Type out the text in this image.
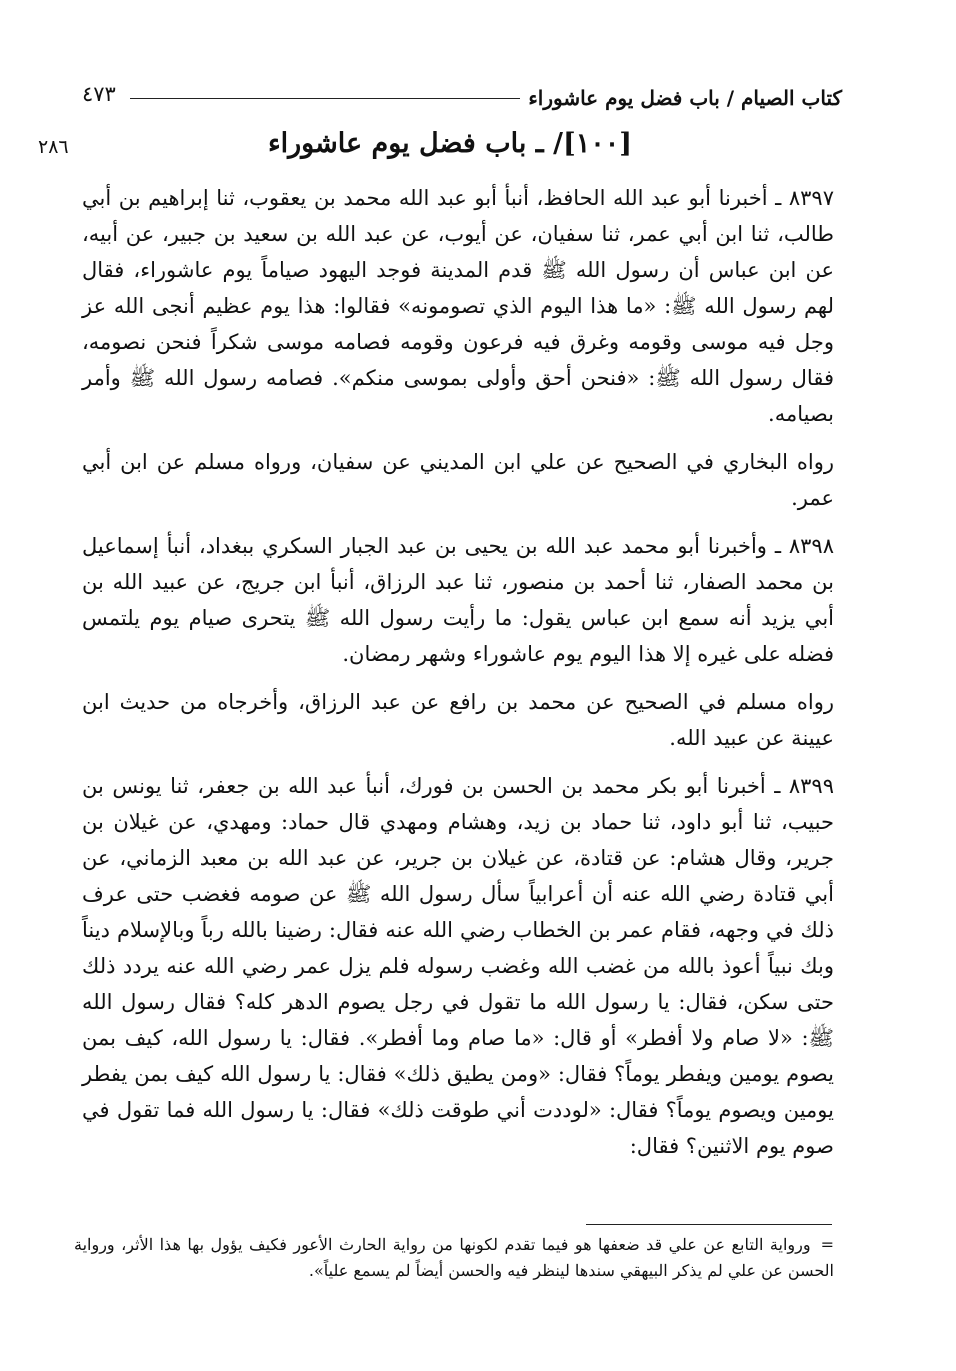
كتاب الصيام / باب فضل يوم عاشوراء
٤٧٣
٢٨٦	[١٠٠]/ ـ باب فضل يوم عاشوراء

٨٣٩٧ ـ أخبرنا أبو عبد الله الحافظ، أنبأ أبو عبد الله محمد بن يعقوب، ثنا إبراهيم بن أبي طالب، ثنا ابن أبي عمر، ثنا سفيان، عن أيوب، عن عبد الله بن سعيد بن جبير، عن أبيه، عن ابن عباس أن رسول الله ﷺ قدم المدينة فوجد اليهود صياماً يوم عاشوراء، فقال لهم رسول الله ﷺ: «ما هذا اليوم الذي تصومونه» فقالوا: هذا يوم عظيم أنجى الله عز وجل فيه موسى وقومه وغرق فيه فرعون وقومه فصامه موسى شكراً فنحن نصومه، فقال رسول الله ﷺ: «فنحن أحق وأولى بموسى منكم». فصامه رسول الله ﷺ وأمر بصيامه.

رواه البخاري في الصحيح عن علي ابن المديني عن سفيان، ورواه مسلم عن ابن أبي عمر.

٨٣٩٨ ـ وأخبرنا أبو محمد عبد الله بن يحيى بن عبد الجبار السكري ببغداد، أنبأ إسماعيل بن محمد الصفار، ثنا أحمد بن منصور، ثنا عبد الرزاق، أنبأ ابن جريج، عن عبيد الله بن أبي يزيد أنه سمع ابن عباس يقول: ما رأيت رسول الله ﷺ يتحرى صيام يوم يلتمس فضله على غيره إلا هذا اليوم يوم عاشوراء وشهر رمضان.

رواه مسلم في الصحيح عن محمد بن رافع عن عبد الرزاق، وأخرجاه من حديث ابن عيينة عن عبيد الله.

٨٣٩٩ ـ أخبرنا أبو بكر محمد بن الحسن بن فورك، أنبأ عبد الله بن جعفر، ثنا يونس بن حبيب، ثنا أبو داود، ثنا حماد بن زيد، وهشام ومهدي قال حماد: ومهدي، عن غيلان بن جرير، وقال هشام: عن قتادة، عن غيلان بن جرير، عن عبد الله بن معبد الزماني، عن أبي قتادة رضي الله عنه أن أعرابياً سأل رسول الله ﷺ عن صومه فغضب حتى عرف ذلك في وجهه، فقام عمر بن الخطاب رضي الله عنه فقال: رضينا بالله رباً وبالإسلام ديناً وبك نبياً أعوذ بالله من غضب الله وغضب رسوله فلم يزل عمر رضي الله عنه يردد ذلك حتى سكن، فقال: يا رسول الله ما تقول في رجل يصوم الدهر كله؟ فقال رسول الله ﷺ: «لا صام ولا أفطر» أو قال: «ما صام وما أفطر». فقال: يا رسول الله، كيف بمن يصوم يومين ويفطر يوماً؟ فقال: «ومن يطيق ذلك» فقال: يا رسول الله كيف بمن يفطر يومين ويصوم يوماً؟ فقال: «لوددت أني طوقت ذلك» فقال: يا رسول الله فما تقول في صوم يوم الاثنين؟ فقال:

=ورواية التابع عن علي قد ضعفها هو فيما تقدم لكونها من رواية الحارث الأعور فكيف يؤول بها هذا الأثر، ورواية الحسن عن علي لم يذكر البيهقي سندها لينظر فيه والحسن أيضاً لم يسمع علياً».
